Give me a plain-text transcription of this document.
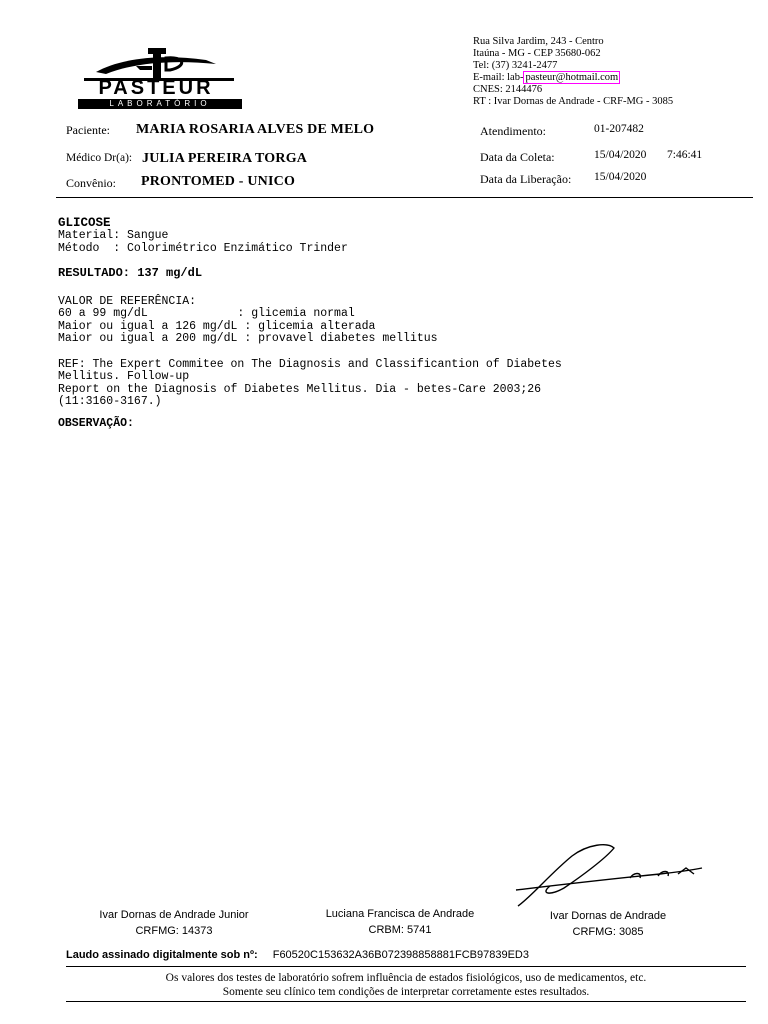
PASTEUR
LABORATÓRIO
Rua Silva Jardim, 243 - Centro
Itaúna - MG - CEP 35680-062
Tel: (37) 3241-2477
E-mail: lab- pasteur@hotmail.com
CNES: 2144476
RT : Ivar Dornas de Andrade - CRF-MG - 3085
Paciente: MARIA ROSARIA ALVES DE MELO
Médico Dr(a): JULIA PEREIRA TORGA
Convênio: PRONTOMED - UNICO
Atendimento:	01-207482
Data da Coleta:	15/04/2020 7:46:41
Data da Liberação: 15/04/2020
GLICOSE
Material: Sangue
Método  : Colorimétrico Enzimático Trinder
RESULTADO: 137 mg/dL
VALOR DE REFERÊNCIA:
60 a 99 mg/dL             : glicemia normal
Maior ou igual a 126 mg/dL : glicemia alterada
Maior ou igual a 200 mg/dL : provavel diabetes mellitus
REF: The Expert Commitee on The Diagnosis and Classificantion of Diabetes
Mellitus. Follow-up
Report on the Diagnosis of Diabetes Mellitus. Dia - betes-Care 2003;26
(11:3160-3167.)
OBSERVAÇÃO:
Ivar Dornas de Andrade Junior
CRFMG: 14373
Luciana Francisca de Andrade
CRBM: 5741
Ivar Dornas de Andrade
CRFMG: 3085
Laudo assinado digitalmente sob nº: F60520C153632A36B072398858881FCB97839ED3
Os valores dos testes de laboratório sofrem influência de estados fisiológicos, uso de medicamentos, etc.
Somente seu clínico tem condições de interpretar corretamente estes resultados.
